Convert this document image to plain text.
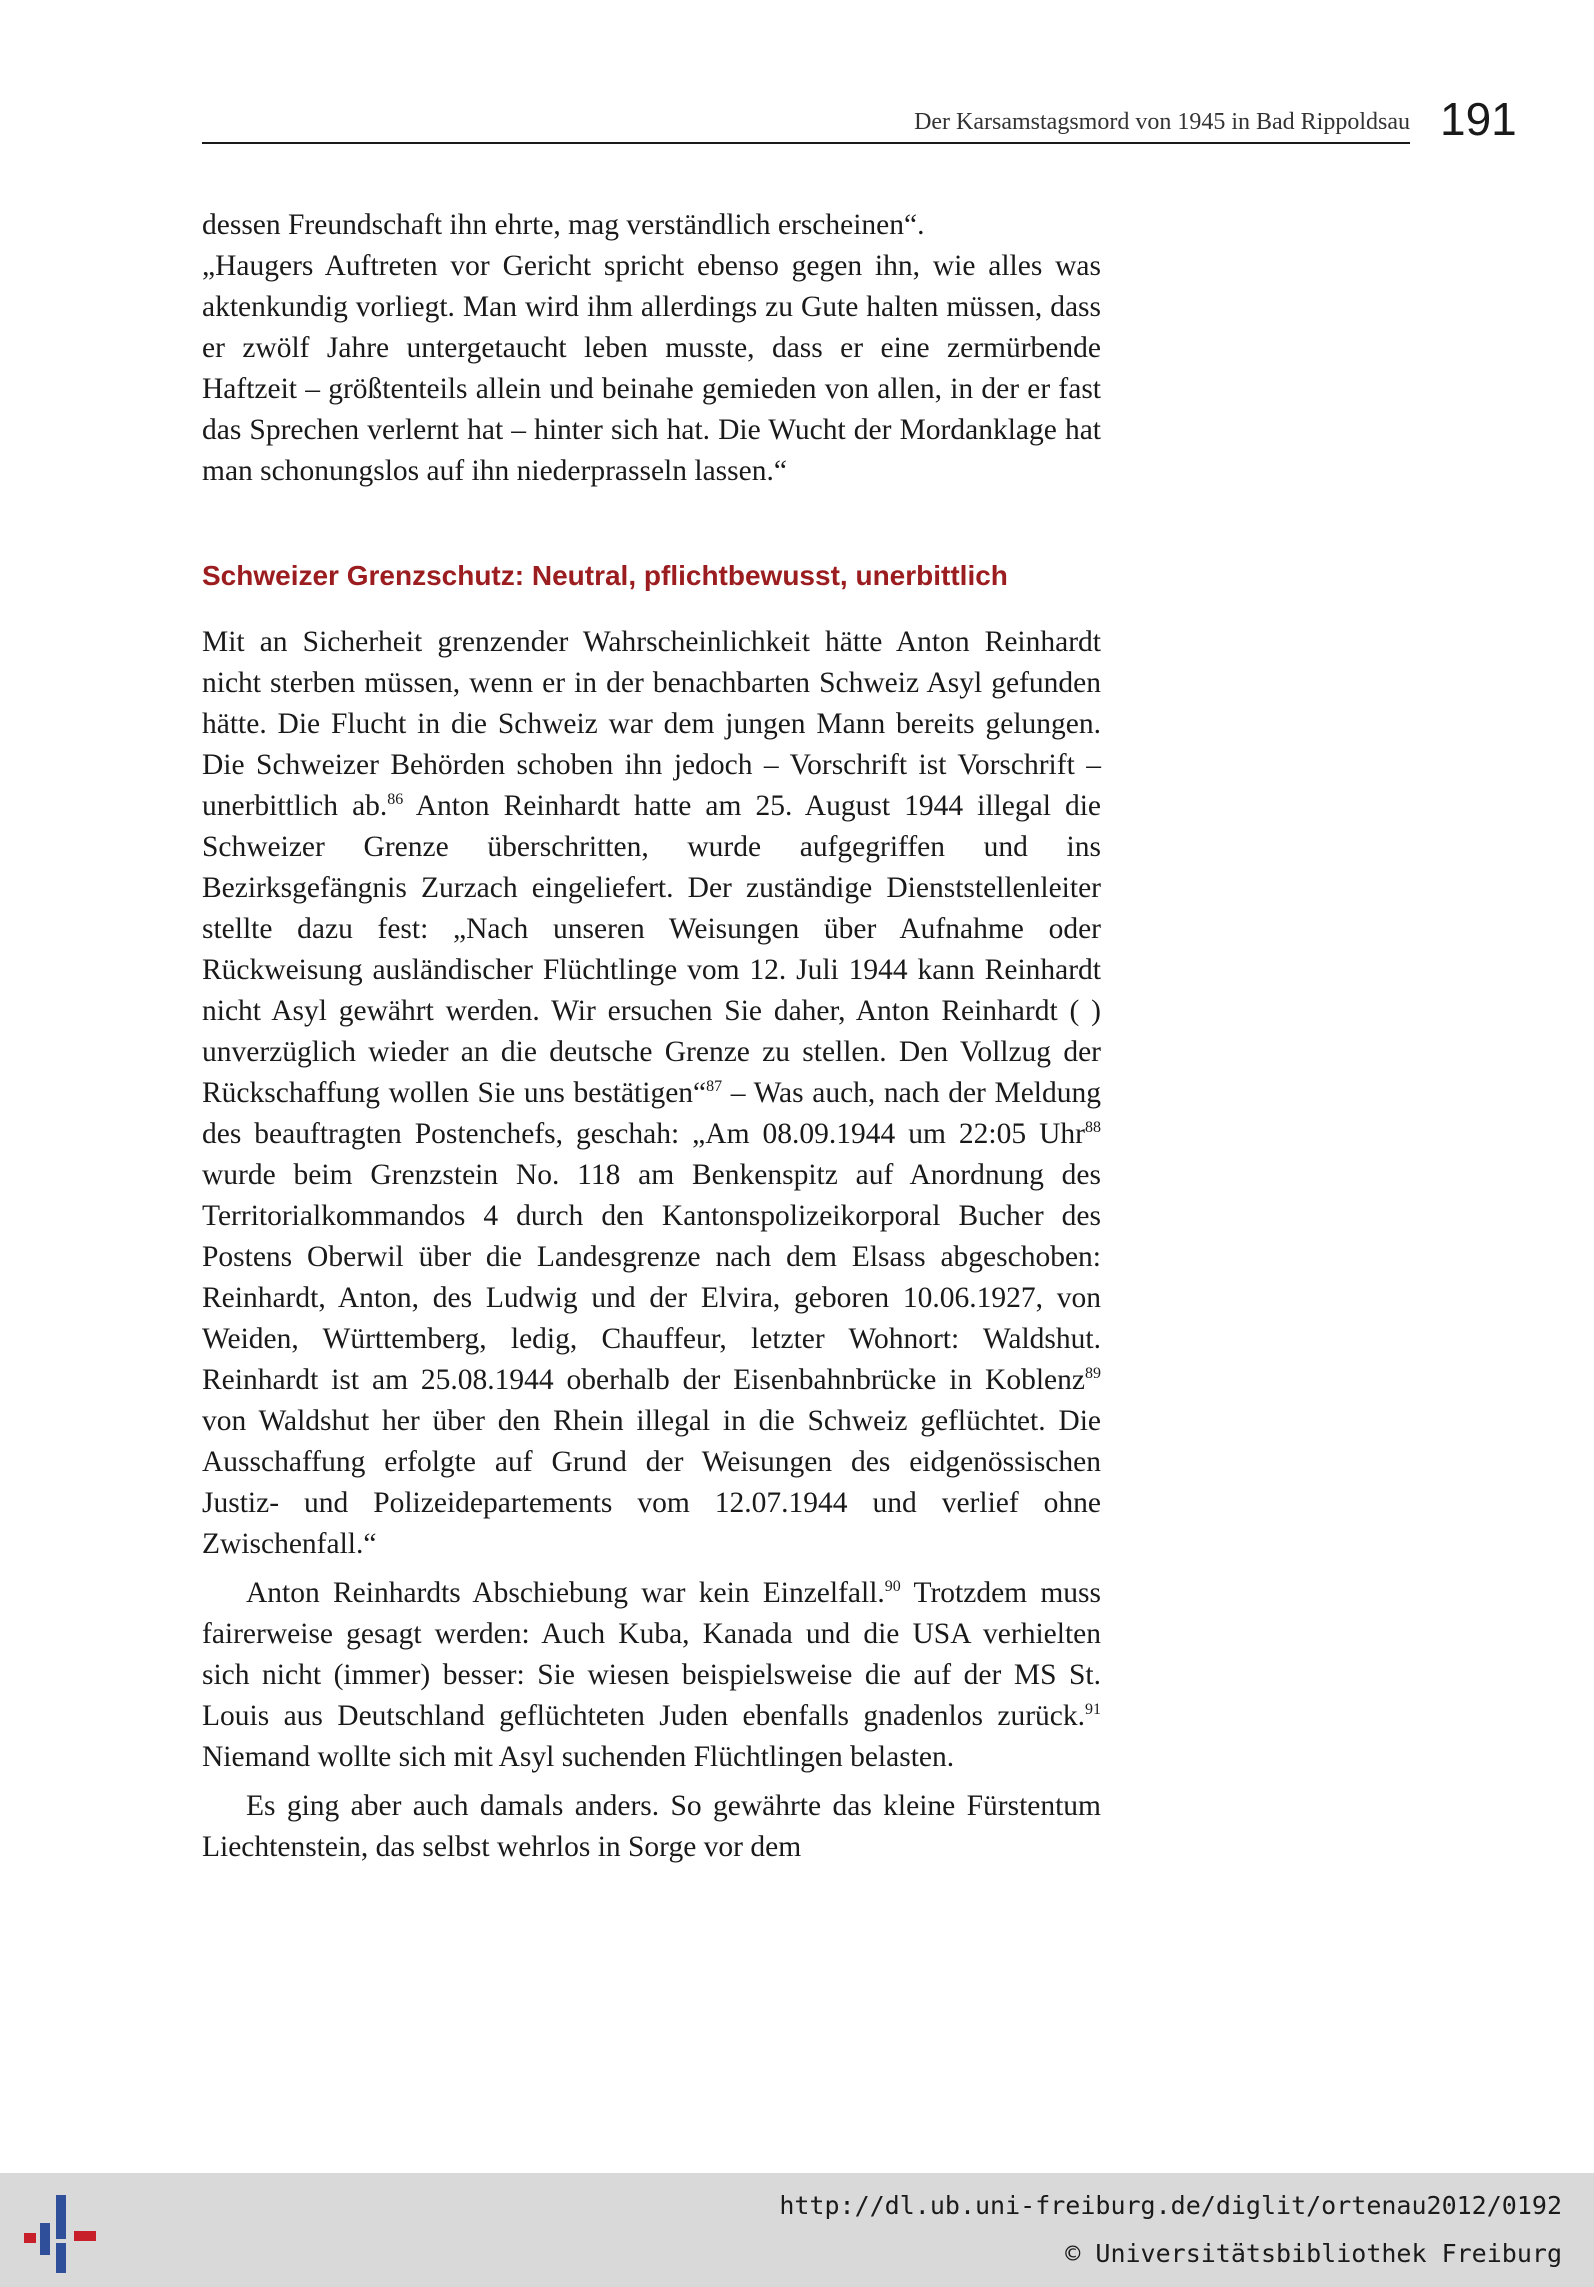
Der Karsamstagsmord von 1945 in Bad Rippoldsau 191

dessen Freundschaft ihn ehrte, mag verständlich erscheinen“.

„Haugers Auftreten vor Gericht spricht ebenso gegen ihn, wie alles was aktenkundig vorliegt. Man wird ihm allerdings zu Gute halten müssen, dass er zwölf Jahre untergetaucht leben musste, dass er eine zermürbende Haftzeit – größtenteils allein und beinahe gemieden von allen, in der er fast das Sprechen verlernt hat – hinter sich hat. Die Wucht der Mordanklage hat man schonungslos auf ihn niederprasseln lassen.“

Schweizer Grenzschutz: Neutral, pflichtbewusst, unerbittlich

Mit an Sicherheit grenzender Wahrscheinlichkeit hätte Anton Reinhardt nicht sterben müssen, wenn er in der benachbarten Schweiz Asyl gefunden hätte. Die Flucht in die Schweiz war dem jungen Mann bereits gelungen. Die Schweizer Behörden schoben ihn jedoch – Vorschrift ist Vorschrift – unerbittlich ab.$^{86}$ Anton Reinhardt hatte am 25. August 1944 illegal die Schweizer Grenze überschritten, wurde aufgegriffen und ins Bezirksgefängnis Zurzach eingeliefert. Der zuständige Dienststellenleiter stellte dazu fest: „Nach unseren Weisungen über Aufnahme oder Rückweisung ausländischer Flüchtlinge vom 12. Juli 1944 kann Reinhardt nicht Asyl gewährt werden. Wir ersuchen Sie daher, Anton Reinhardt ( ) unverzüglich wieder an die deutsche Grenze zu stellen. Den Vollzug der Rückschaffung wollen Sie uns bestätigen“$^{87}$ – Was auch, nach der Meldung des beauftragten Postenchefs, geschah: „Am 08.09.1944 um 22:05 Uhr$^{88}$ wurde beim Grenzstein No. 118 am Benkenspitz auf Anordnung des Territorialkommandos 4 durch den Kantonspolizeikorporal Bucher des Postens Oberwil über die Landesgrenze nach dem Elsass abgeschoben: Reinhardt, Anton, des Ludwig und der Elvira, geboren 10.06.1927, von Weiden, Württemberg, ledig, Chauffeur, letzter Wohnort: Waldshut. Reinhardt ist am 25.08.1944 oberhalb der Eisenbahnbrücke in Koblenz$^{89}$ von Waldshut her über den Rhein illegal in die Schweiz geflüchtet. Die Ausschaffung erfolgte auf Grund der Weisungen des eidgenössischen Justiz- und Polizeidepartements vom 12.07.1944 und verlief ohne Zwischenfall.“

Anton Reinhardts Abschiebung war kein Einzelfall.$^{90}$ Trotzdem muss fairerweise gesagt werden: Auch Kuba, Kanada und die USA verhielten sich nicht (immer) besser: Sie wiesen beispielsweise die auf der MS St. Louis aus Deutschland geflüchteten Juden ebenfalls gnadenlos zurück.$^{91}$ Niemand wollte sich mit Asyl suchenden Flüchtlingen belasten.

Es ging aber auch damals anders. So gewährte das kleine Fürstentum Liechtenstein, das selbst wehrlos in Sorge vor dem

http://dl.ub.uni-freiburg.de/diglit/ortenau2012/0192
© Universitätsbibliothek Freiburg
